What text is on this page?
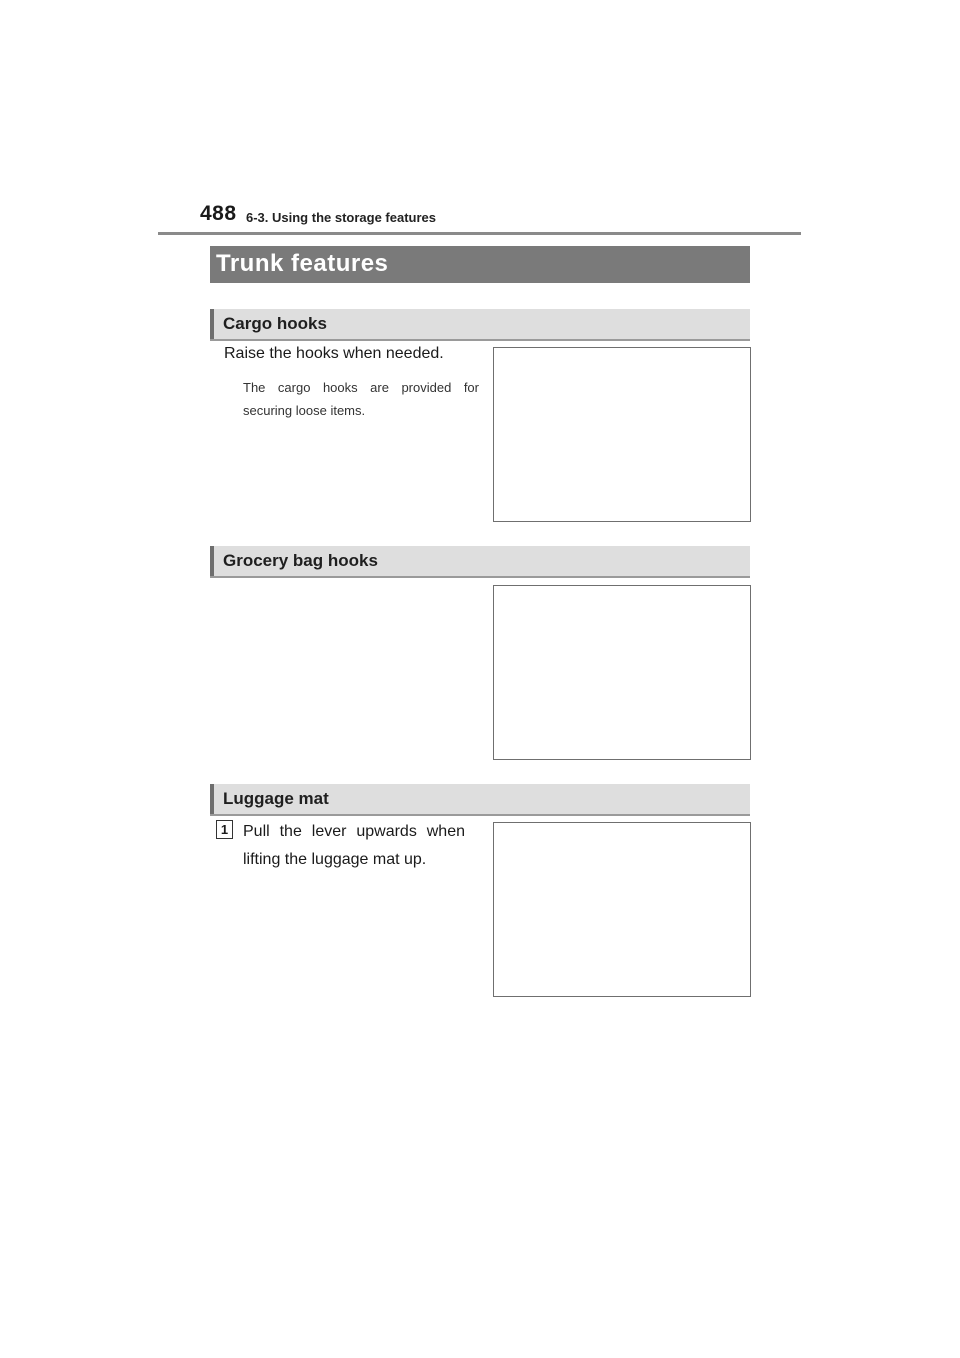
488 6-3. Using the storage features
Trunk features
Cargo hooks
Raise the hooks when needed.
The cargo hooks are provided for securing loose items.
Grocery bag hooks
Luggage mat
1 Pull the lever upwards when lifting the luggage mat up.
